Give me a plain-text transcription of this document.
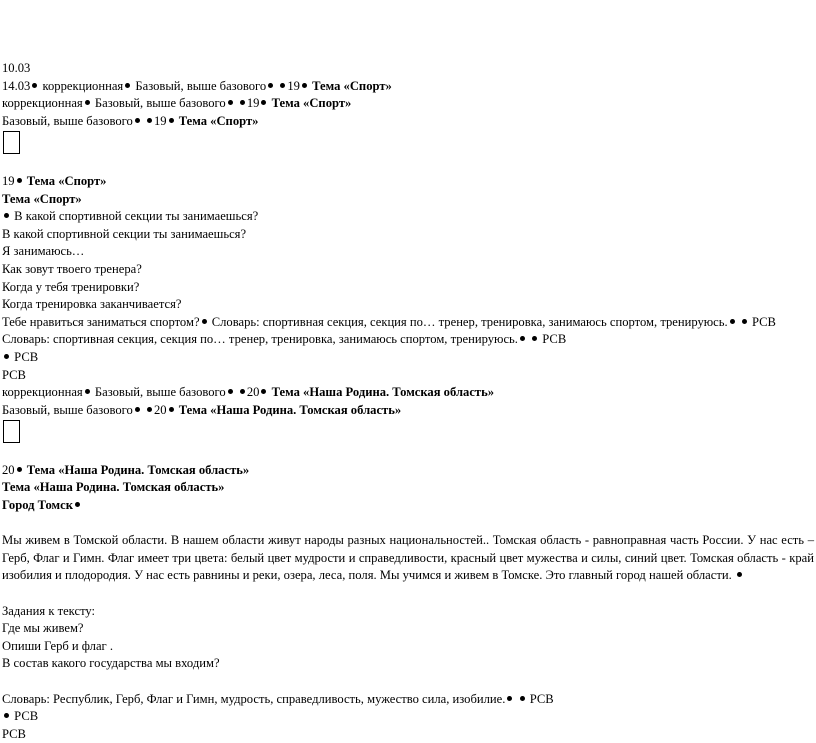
10.03
14.03 коррекционная Базовый, выше базового 19 Тема «Спорт»
коррекционная Базовый, выше базового 19 Тема «Спорт»
Базовый, выше базового 19 Тема «Спорт»
19 Тема «Спорт»
Тема «Спорт»
В какой спортивной секции ты занимаешься?
В какой спортивной секции ты занимаешься?
Я занимаюсь…
Как зовут твоего тренера?
Когда у тебя тренировки?
Когда тренировка заканчивается?
Тебе нравиться заниматься спортом? Словарь: спортивная секция, секция по… тренер, тренировка, занимаюсь спортом, тренируюсь. РСВ
Словарь: спортивная секция, секция по… тренер, тренировка, занимаюсь спортом, тренируюсь. РСВ
РСВ
РСВ
коррекционная Базовый, выше базового 20 Тема «Наша Родина. Томская область»
Базовый, выше базового 20 Тема «Наша Родина. Томская область»
20 Тема «Наша Родина. Томская область»
Тема «Наша Родина. Томская область»
Город Томск

Мы живем в Томской области. В нашем области живут народы разных национальностей.. Томская область - равноправная часть России. У нас есть – Герб, Флаг и Гимн. Флаг имеет три цвета: белый цвет мудрости и справедливости, красный цвет мужества и силы, синий цвет. Томская область - край изобилия и плодородия. У нас есть равнины и реки, озера, леса, поля. Мы учимся и живем в Томске. Это главный город нашей области.

Задания к тексту:
Где мы живем?
Опиши Герб и флаг .
В состав какого государства мы входим?
Словарь: Республик, Герб, Флаг и Гимн, мудрость, справедливость, мужество сила, изобилие. РСВ
РСВ
РСВ
